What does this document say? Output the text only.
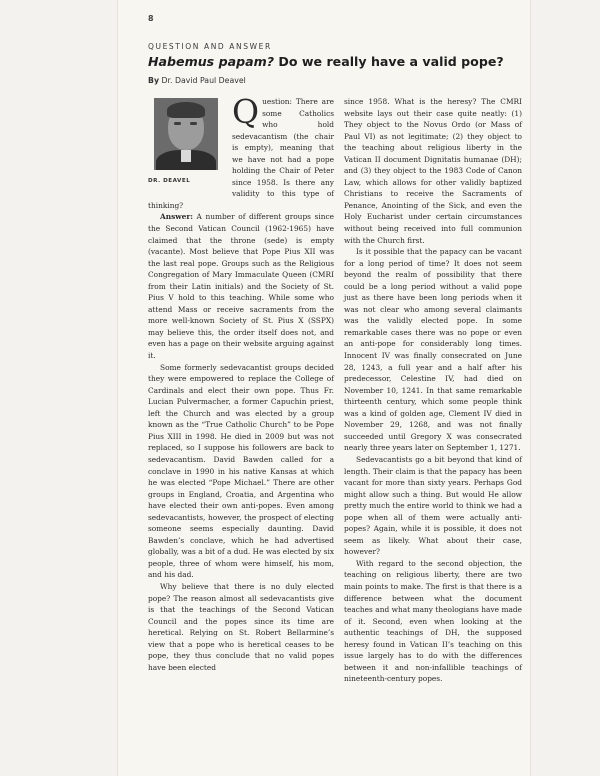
8
QUESTION AND ANSWER
Habemus papam? Do we really have a valid pope?
By Dr. David Paul Deavel
DR. DEAVEL

Question: There are some Catholics who hold sedevacantism (the chair is empty), meaning that we have not had a pope holding the Chair of Peter since 1958. Is there any validity to this type of thinking?

Answer: A number of different groups since the Second Vatican Council (1962-1965) have claimed that the throne (sede) is empty (vacante). Most believe that Pope Pius XII was the last real pope. Groups such as the Religious Congregation of Mary Immaculate Queen (CMRI from their Latin initials) and the Society of St. Pius V hold to this teaching. While some who attend Mass or receive sacraments from the more well-known Society of St. Pius X (SSPX) may believe this, the order itself does not, and even has a page on their website arguing against it.

Some formerly sedevacantist groups decided they were empowered to replace the College of Cardinals and elect their own pope. Thus Fr. Lucian Pulvermacher, a former Capuchin priest, left the Church and was elected by a group known as the “True Catholic Church” to be Pope Pius XIII in 1998. He died in 2009 but was not replaced, so I suppose his followers are back to sedevacantism. David Bawden called for a conclave in 1990 in his native Kansas at which he was elected “Pope Michael.” There are other groups in England, Croatia, and Argentina who have elected their own anti-popes. Even among sedevacantists, however, the prospect of electing someone seems especially daunting. David Bawden’s conclave, which he had advertised globally, was a bit of a dud. He was elected by six people, three of whom were himself, his mom, and his dad.

Why believe that there is no duly elected pope? The reason almost all sedevacantists give is that the teachings of the Second Vatican Council and the popes since its time are heretical. Relying on St. Robert Bellarmine’s view that a pope who is heretical ceases to be pope, they thus conclude that no valid popes have been elected

since 1958. What is the heresy? The CMRI website lays out their case quite neatly: (1) They object to the Novus Ordo (or Mass of Paul VI) as not legitimate; (2) they object to the teaching about religious liberty in the Vatican II document Dignitatis humanae (DH); and (3) they object to the 1983 Code of Canon Law, which allows for other validly baptized Christians to receive the Sacraments of Penance, Anointing of the Sick, and even the Holy Eucharist under certain circumstances without being received into full communion with the Church first.

Is it possible that the papacy can be vacant for a long period of time? It does not seem beyond the realm of possibility that there could be a long period without a valid pope just as there have been long periods when it was not clear who among several claimants was the validly elected pope. In some remarkable cases there was no pope or even an anti-pope for considerably long times. Innocent IV was finally consecrated on June 28, 1243, a full year and a half after his predecessor, Celestine IV, had died on November 10, 1241. In that same remarkable thirteenth century, which some people think was a kind of golden age, Clement IV died in November 29, 1268, and was not finally succeeded until Gregory X was consecrated nearly three years later on September 1, 1271.

Sedevacantists go a bit beyond that kind of length. Their claim is that the papacy has been vacant for more than sixty years. Perhaps God might allow such a thing. But would He allow pretty much the entire world to think we had a pope when all of them were actually anti-popes? Again, while it is possible, it does not seem as likely. What about their case, however?

With regard to the second objection, the teaching on religious liberty, there are two main points to make. The first is that there is a difference between what the document teaches and what many theologians have made of it. Second, even when looking at the authentic teachings of DH, the supposed heresy found in Vatican II’s teaching on this issue largely has to do with the differences between it and non-infallible teachings of nineteenth-century popes.
